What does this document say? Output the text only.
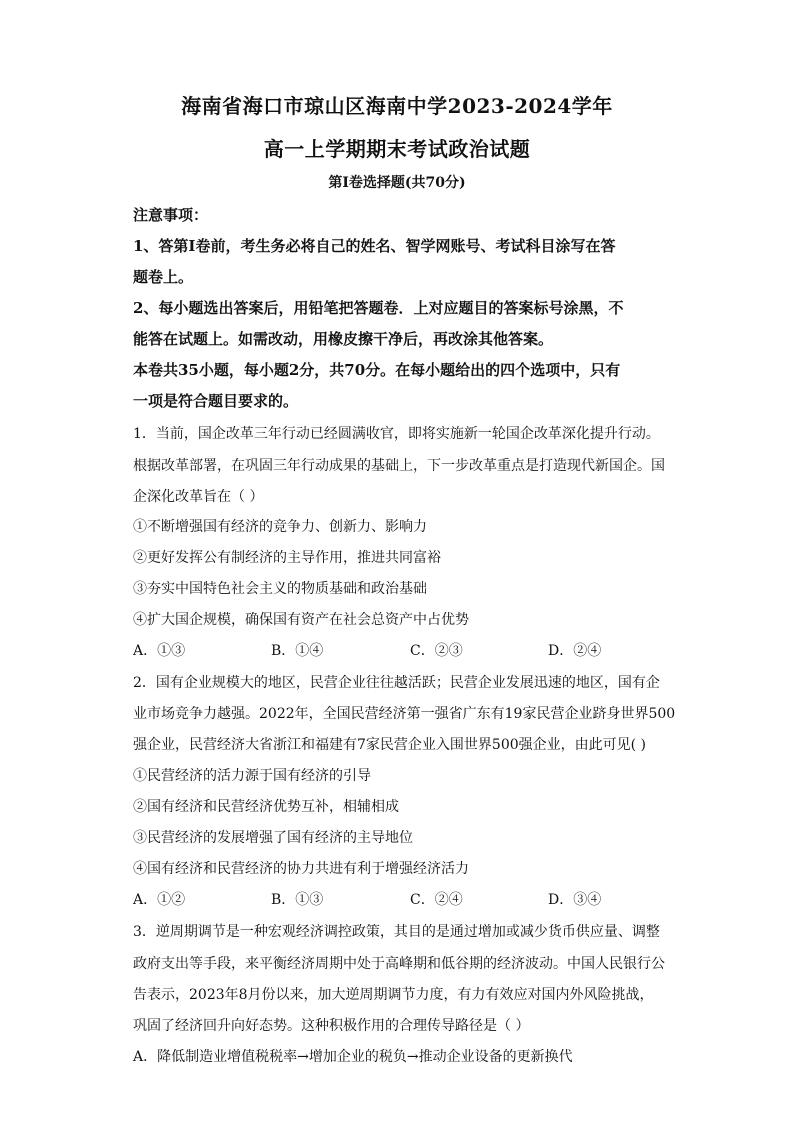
海南省海口市琼山区海南中学2023-2024学年
高一上学期期末考试政治试题
第Ⅰ卷选择题(共70分)
注意事项：
1、答第Ⅰ卷前，考生务必将自己的姓名、智学网账号、考试科目涂写在答
题卷上。
2、每小题选出答案后，用铅笔把答题卷．上对应题目的答案标号涂黑，不
能答在试题上。如需改动，用橡皮擦干净后，再改涂其他答案。
本卷共35小题，每小题2分，共70分。在每小题给出的四个选项中，只有
一项是符合题目要求的。
1．当前，国企改革三年行动已经圆满收官，即将实施新一轮国企改革深化提升行动。
根据改革部署，在巩固三年行动成果的基础上，下一步改革重点是打造现代新国企。国
企深化改革旨在（ ）
①不断增强国有经济的竞争力、创新力、影响力
②更好发挥公有制经济的主导作用，推进共同富裕
③夯实中国特色社会主义的物质基础和政治基础
④扩大国企规模，确保国有资产在社会总资产中占优势
A．①③	B．①④	C．②③	D．②④
2．国有企业规模大的地区，民营企业往往越活跃；民营企业发展迅速的地区，国有企
业市场竞争力越强。2022年，全国民营经济第一强省广东有19家民营企业跻身世界500
强企业，民营经济大省浙江和福建有7家民营企业入围世界500强企业，由此可见( )
①民营经济的活力源于国有经济的引导
②国有经济和民营经济优势互补，相辅相成
③民营经济的发展增强了国有经济的主导地位
④国有经济和民营经济的协力共进有利于增强经济活力
A．①②	B．①③	C．②④	D．③④
3．逆周期调节是一种宏观经济调控政策，其目的是通过增加或减少货币供应量、调整
政府支出等手段，来平衡经济周期中处于高峰期和低谷期的经济波动。中国人民银行公
告表示，2023年8月份以来，加大逆周期调节力度，有力有效应对国内外风险挑战，
巩固了经济回升向好态势。这种积极作用的合理传导路径是（ ）
A．降低制造业增值税税率→增加企业的税负→推动企业设备的更新换代
